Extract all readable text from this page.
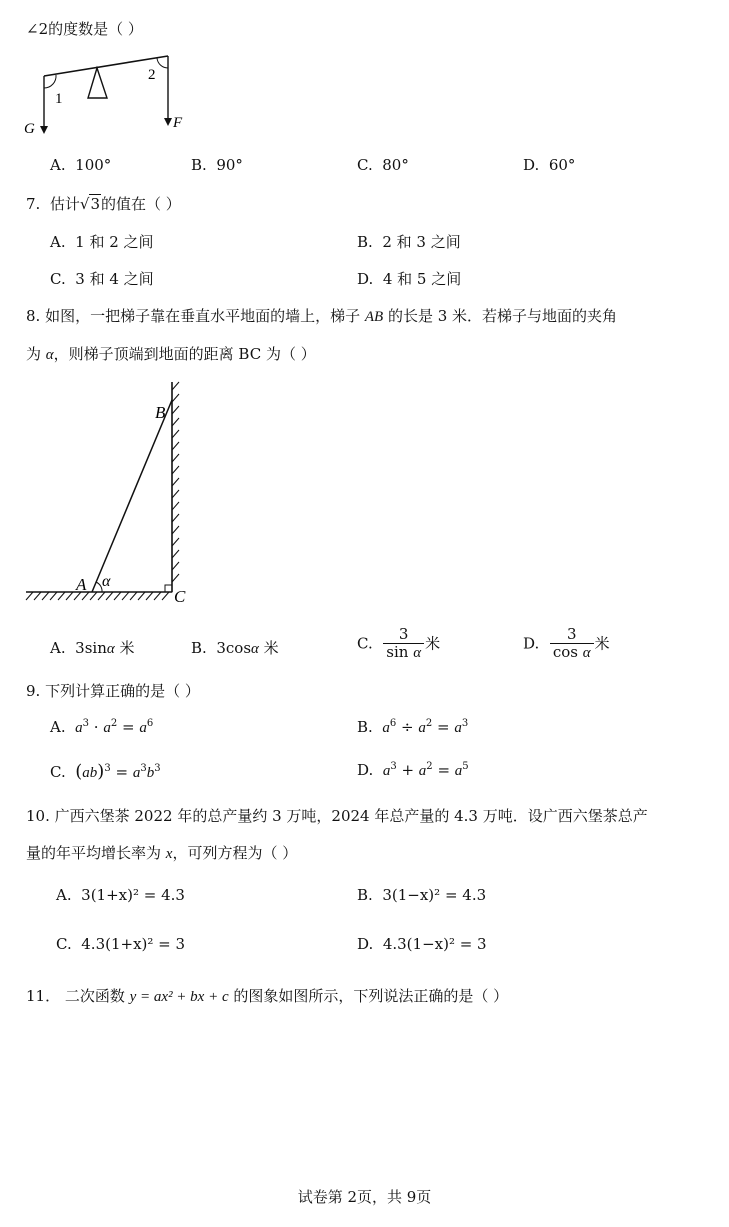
∠2的度数是（ ）
1
2
G	F
A. 100°	B. 90°	C. 80°	D. 60°
7. 估计√3的值在（ ）
A. 1 和 2 之间	B. 2 和 3 之间
C. 3 和 4 之间	D. 4 和 5 之间
8. 如图，一把梯子靠在垂直水平地面的墙上，梯子 AB 的长是 3 米．若梯子与地面的夹角
为 α，则梯子顶端到地面的距离 BC 为（ ）
B
A α
C
A. 3sinα 米	B. 3cosα 米	C. $\frac{3}{\text{sin α}}$ 米	D. $\frac{3}{\text{cos α}}$ 米
9. 下列计算正确的是（ ）
A. $a^3 \cdot a^2 = a^6$	B. $a^6 \div a^2 = a^3$
C. $(ab)^3 = a^3b^3$	D. $a^3 + a^2 = a^5$
10. 广西六堡茶 2022 年的总产量约 3 万吨，2024 年总产量的 4.3 万吨．设广西六堡茶总产
量的年平均增长率为 x，可列方程为（ ）
A. 3(1+x)² = 4.3	B. 3(1−x)² = 4.3
C. 4.3(1+x)² = 3	D. 4.3(1−x)² = 3
11． 二次函数 y = ax² + bx + c 的图象如图所示，下列说法正确的是（ ）
试卷第 2页，共 9页
